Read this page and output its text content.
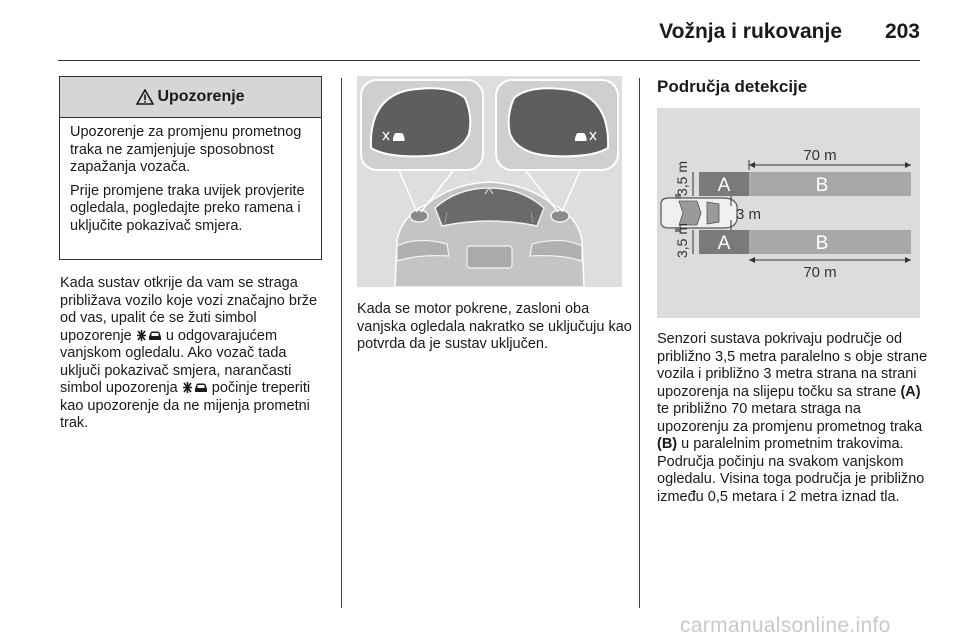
Vožnja i rukovanje 203
Upozorenje

Upozorenje za promjenu prometnog traka ne zamjenjuje sposobnost zapažanja vozača.

Prije promjene traka uvijek provjerite ogledala, pogledajte preko ramena i uključite pokazivač smjera.

Kada sustav otkrije da vam se straga približava vozilo koje vozi značajno brže od vas, upalit će se žuti simbol upozorenje u odgovarajućem vanjskom ogledalu. Ako vozač tada uključi pokazivač smjera, narančasti simbol upozorenja počinje treperiti kao upozorenje da ne mijenja prometni trak.

Kada se motor pokrene, zasloni oba vanjska ogledala nakratko se uključuju kao potvrda da je sustav uključen.

Područja detekcije
A	B
A	B
70 m
70 m
3,5 m
3,5 m
3 m

Senzori sustava pokrivaju područje od približno 3,5 metra paralelno s obje strane vozila i približno 3 metra strana na strani upozorenja na slijepu točku sa strane (A) te približno 70 metara straga na upozorenju za promjenu prometnog traka (B) u paralelnim prometnim trakovima. Područja počinju na svakom vanjskom ogledalu. Visina toga područja je približno između 0,5 metara i 2 metra iznad tla.

carmanualsonline.info
